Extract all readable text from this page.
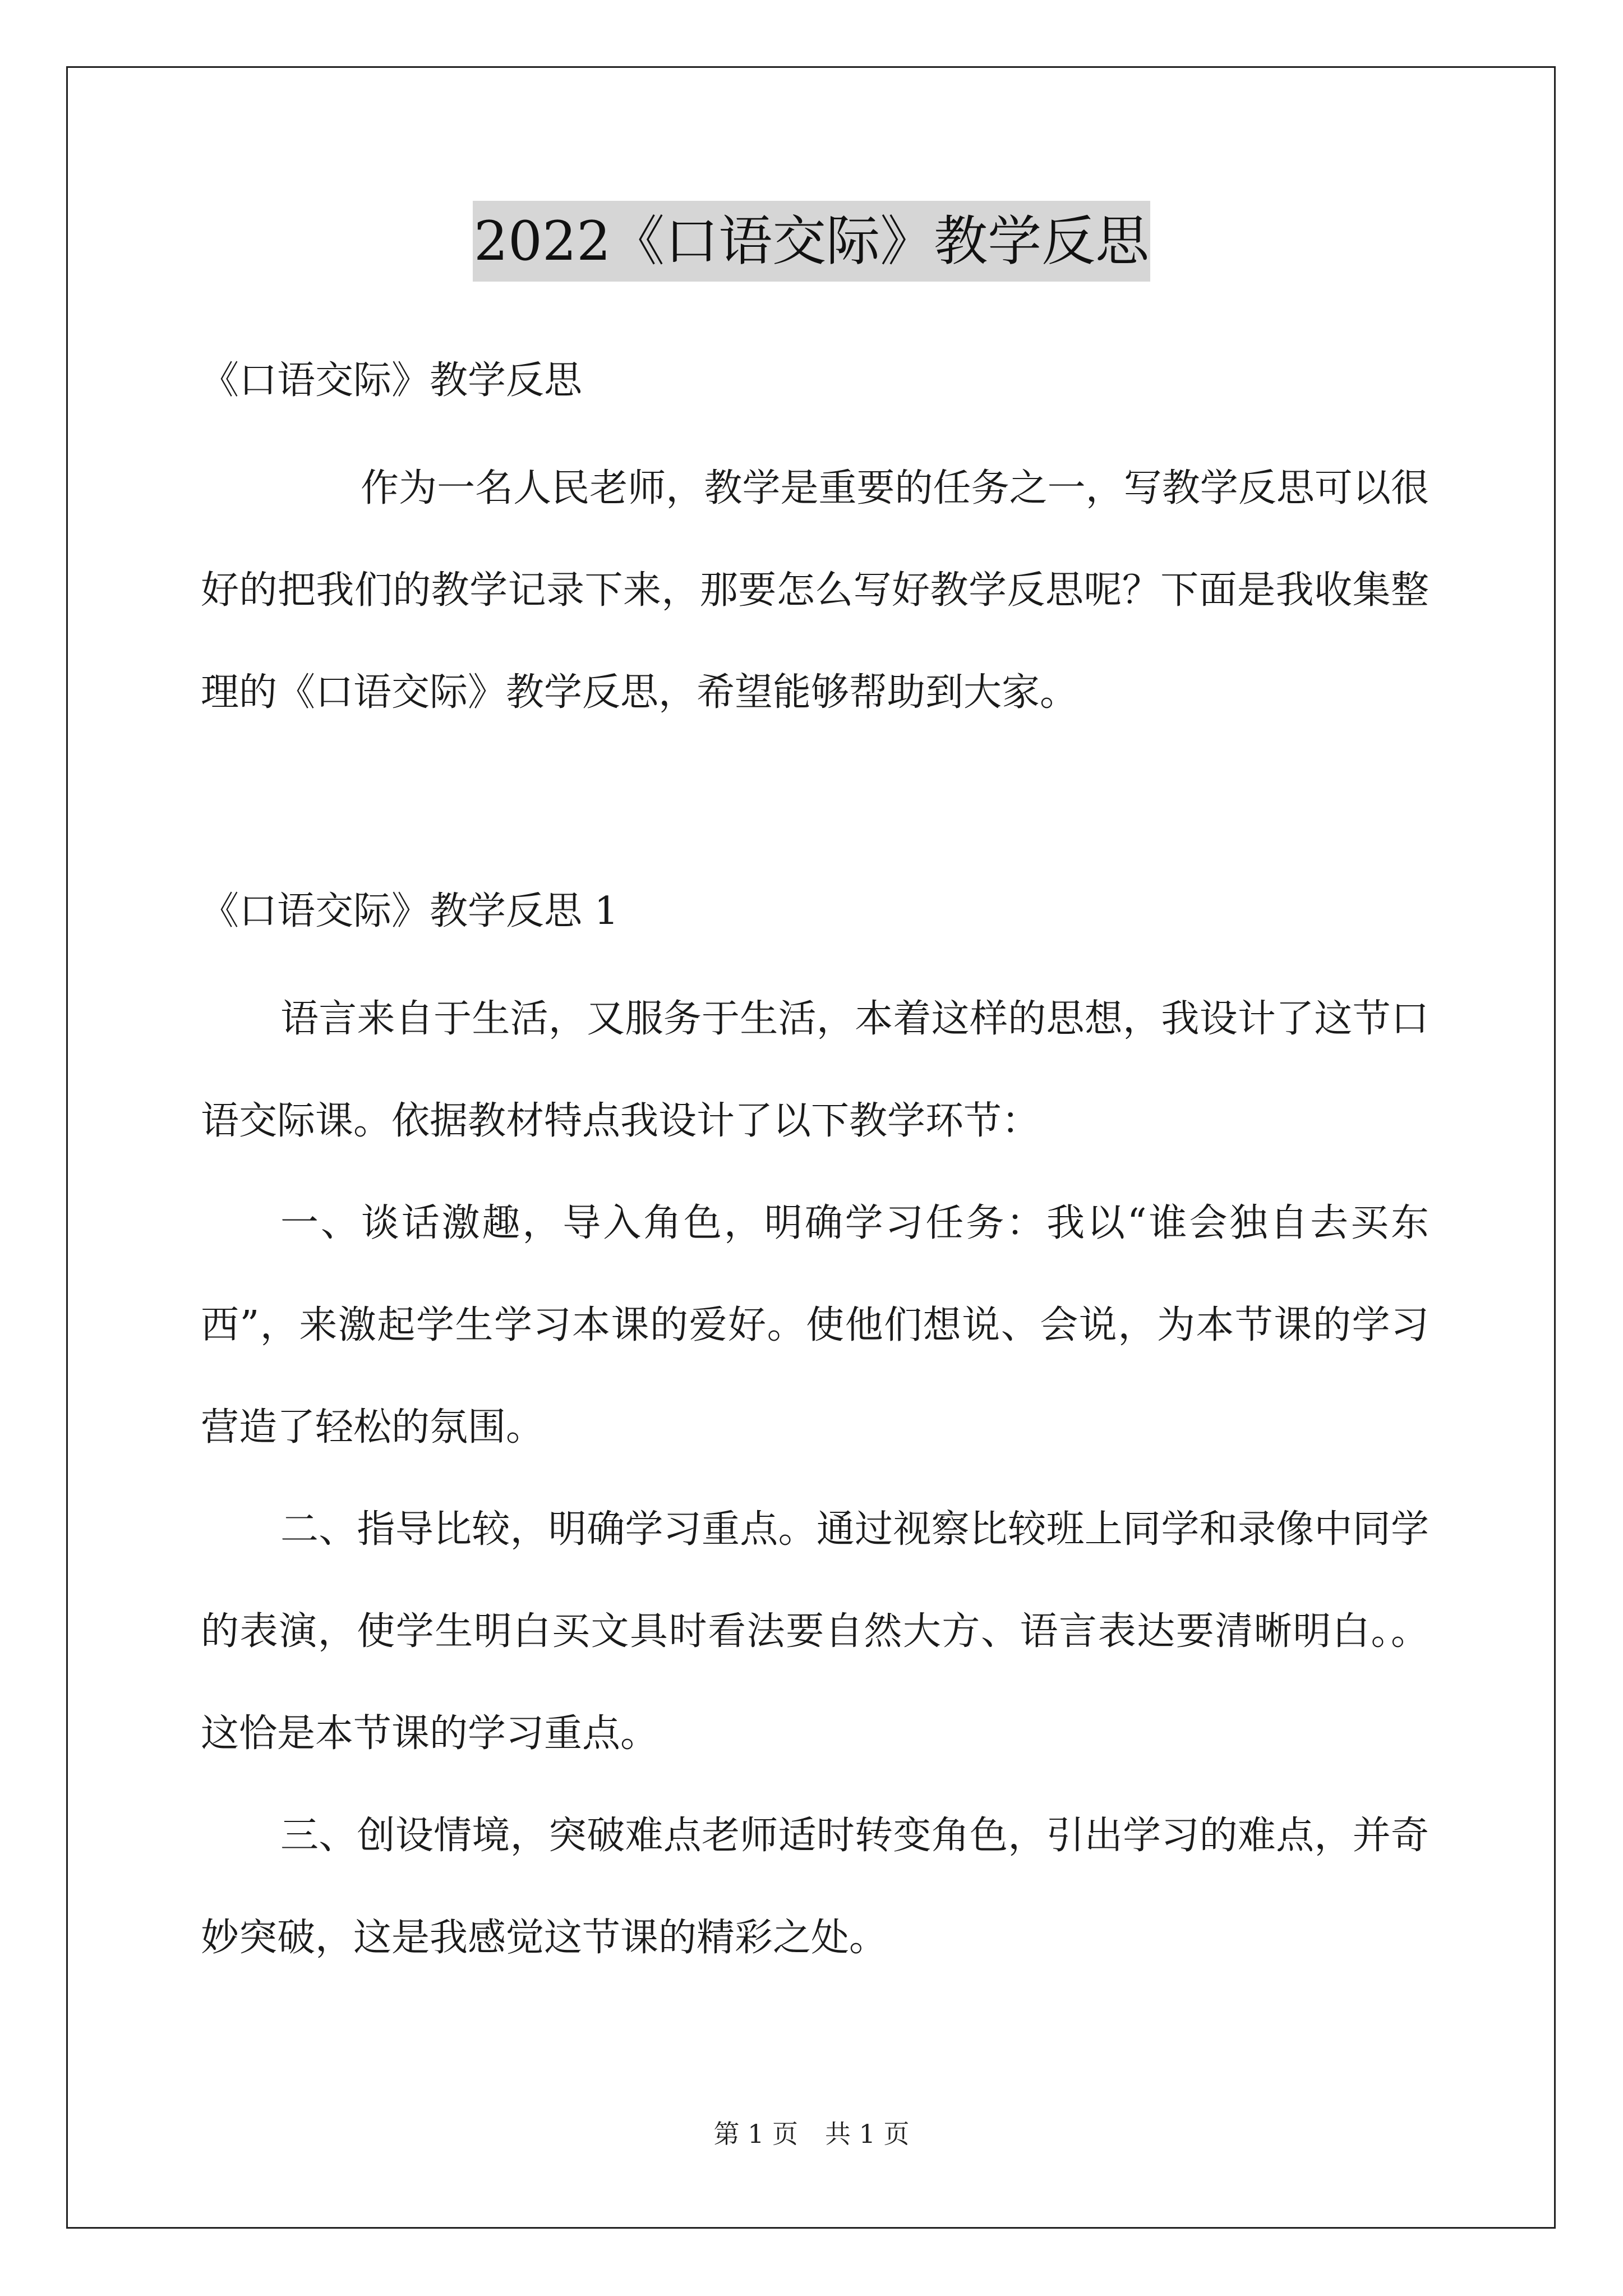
2022《口语交际》教学反思
《口语交际》教学反思
作为一名人民老师，教学是重要的任务之一，写教学反思可以很好的把我们的教学记录下来，那要怎么写好教学反思呢？下面是我收集整理的《口语交际》教学反思，希望能够帮助到大家。
《口语交际》教学反思 1
语言来自于生活，又服务于生活，本着这样的思想，我设计了这节口语交际课。依据教材特点我设计了以下教学环节：
一、谈话激趣，导入角色，明确学习任务：我以“谁会独自去买东西”，来激起学生学习本课的爱好。使他们想说、会说，为本节课的学习营造了轻松的氛围。
二、指导比较，明确学习重点。通过视察比较班上同学和录像中同学的表演，使学生明白买文具时看法要自然大方、语言表达要清晰明白。。这恰是本节课的学习重点。
三、创设情境，突破难点老师适时转变角色，引出学习的难点，并奇妙突破，这是我感觉这节课的精彩之处。
第 1 页 共 1 页
